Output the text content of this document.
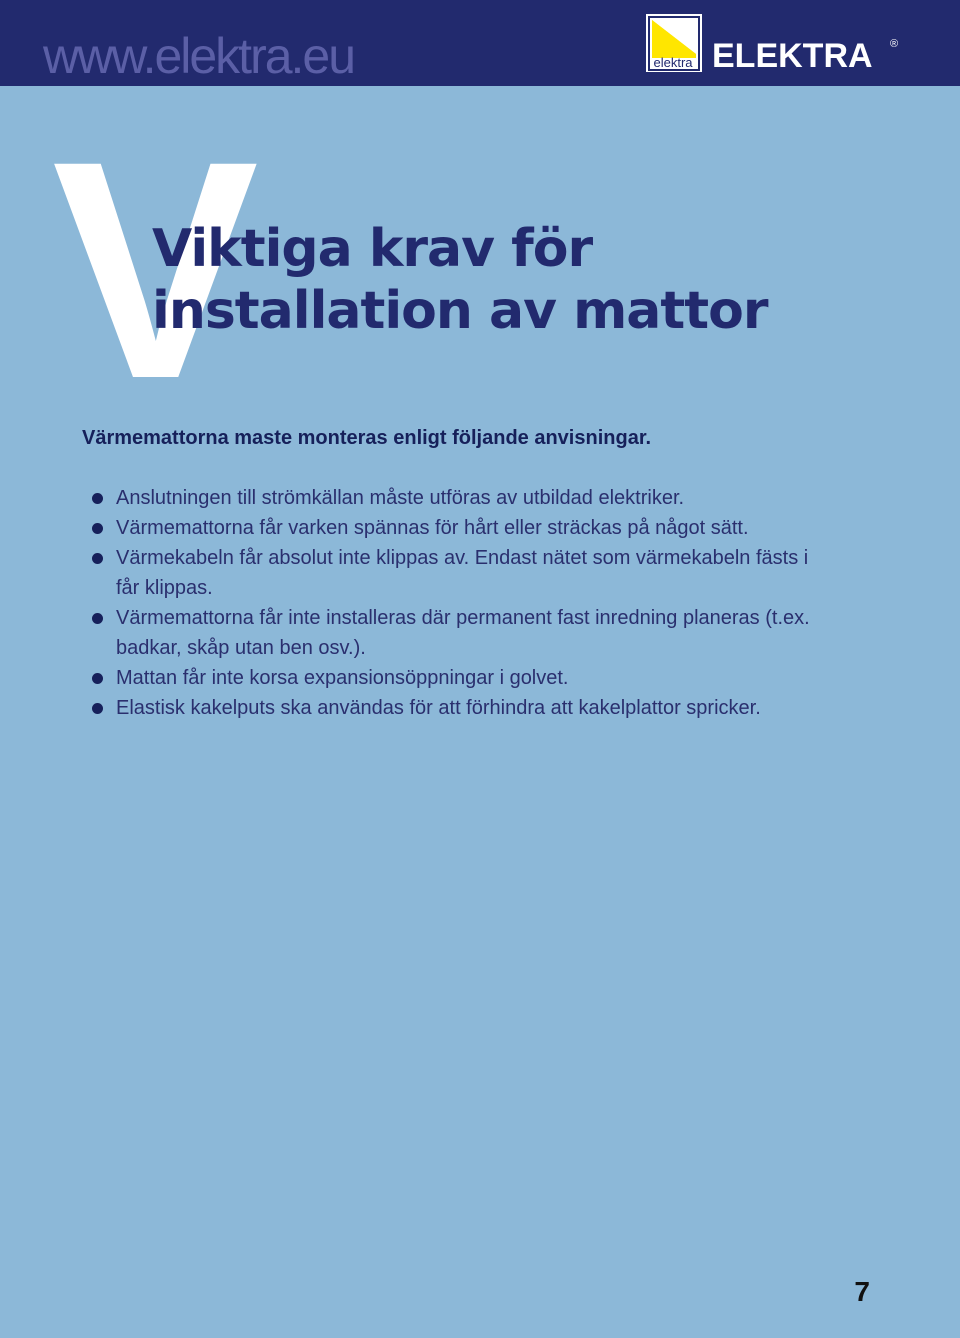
www.elektra.eu	elektra ELEKTRA ®
V
Viktiga krav för
installation av mattor

Värmemattorna maste monteras enligt följande anvisningar.

Anslutningen till strömkällan måste utföras av utbildad elektriker.
Värmemattorna får varken spännas för hårt eller sträckas på något sätt.
Värmekabeln får absolut inte klippas av. Endast nätet som värmekabeln fästs i får klippas.
Värmemattorna får inte installeras där permanent fast inredning planeras (t.ex. badkar, skåp utan ben osv.).
Mattan får inte korsa expansionsöppningar i golvet.
Elastisk kakelputs ska användas för att förhindra att kakelplattor spricker.
7
